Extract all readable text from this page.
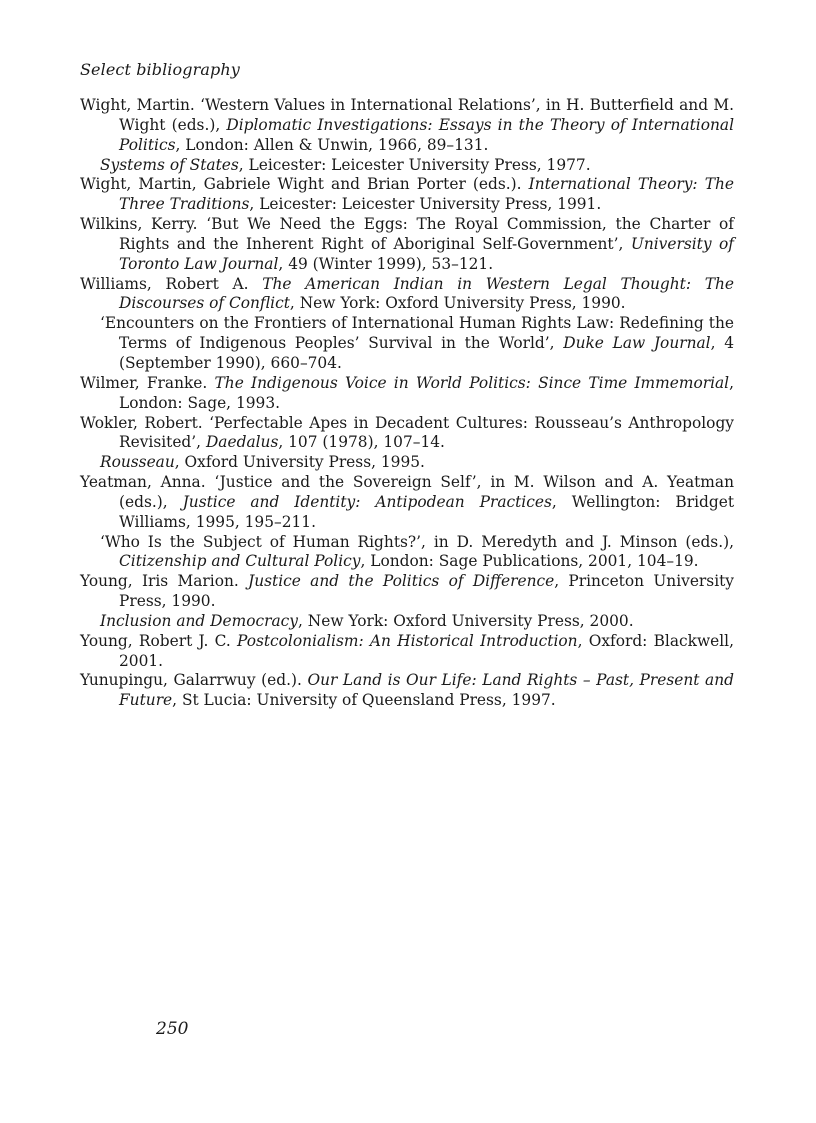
Select bibliography
Wight, Martin. ‘Western Values in International Relations’, in H. Butterfield and M. Wight (eds.), Diplomatic Investigations: Essays in the Theory of International Politics, London: Allen & Unwin, 1966, 89–131.
Systems of States, Leicester: Leicester University Press, 1977.
Wight, Martin, Gabriele Wight and Brian Porter (eds.). International Theory: The Three Traditions, Leicester: Leicester University Press, 1991.
Wilkins, Kerry. ‘But We Need the Eggs: The Royal Commission, the Charter of Rights and the Inherent Right of Aboriginal Self-Government’, University of Toronto Law Journal, 49 (Winter 1999), 53–121.
Williams, Robert A. The American Indian in Western Legal Thought: The Discourses of Conflict, New York: Oxford University Press, 1990.
‘Encounters on the Frontiers of International Human Rights Law: Redefining the Terms of Indigenous Peoples’ Survival in the World’, Duke Law Journal, 4 (September 1990), 660–704.
Wilmer, Franke. The Indigenous Voice in World Politics: Since Time Immemorial, London: Sage, 1993.
Wokler, Robert. ‘Perfectable Apes in Decadent Cultures: Rousseau’s Anthropology Revisited’, Daedalus, 107 (1978), 107–14.
Rousseau, Oxford University Press, 1995.
Yeatman, Anna. ‘Justice and the Sovereign Self’, in M. Wilson and A. Yeatman (eds.), Justice and Identity: Antipodean Practices, Wellington: Bridget Williams, 1995, 195–211.
‘Who Is the Subject of Human Rights?’, in D. Meredyth and J. Minson (eds.), Citizenship and Cultural Policy, London: Sage Publications, 2001, 104–19.
Young, Iris Marion. Justice and the Politics of Difference, Princeton University Press, 1990.
Inclusion and Democracy, New York: Oxford University Press, 2000.
Young, Robert J. C. Postcolonialism: An Historical Introduction, Oxford: Blackwell, 2001.
Yunupingu, Galarrwuy (ed.). Our Land is Our Life: Land Rights – Past, Present and Future, St Lucia: University of Queensland Press, 1997.
250
